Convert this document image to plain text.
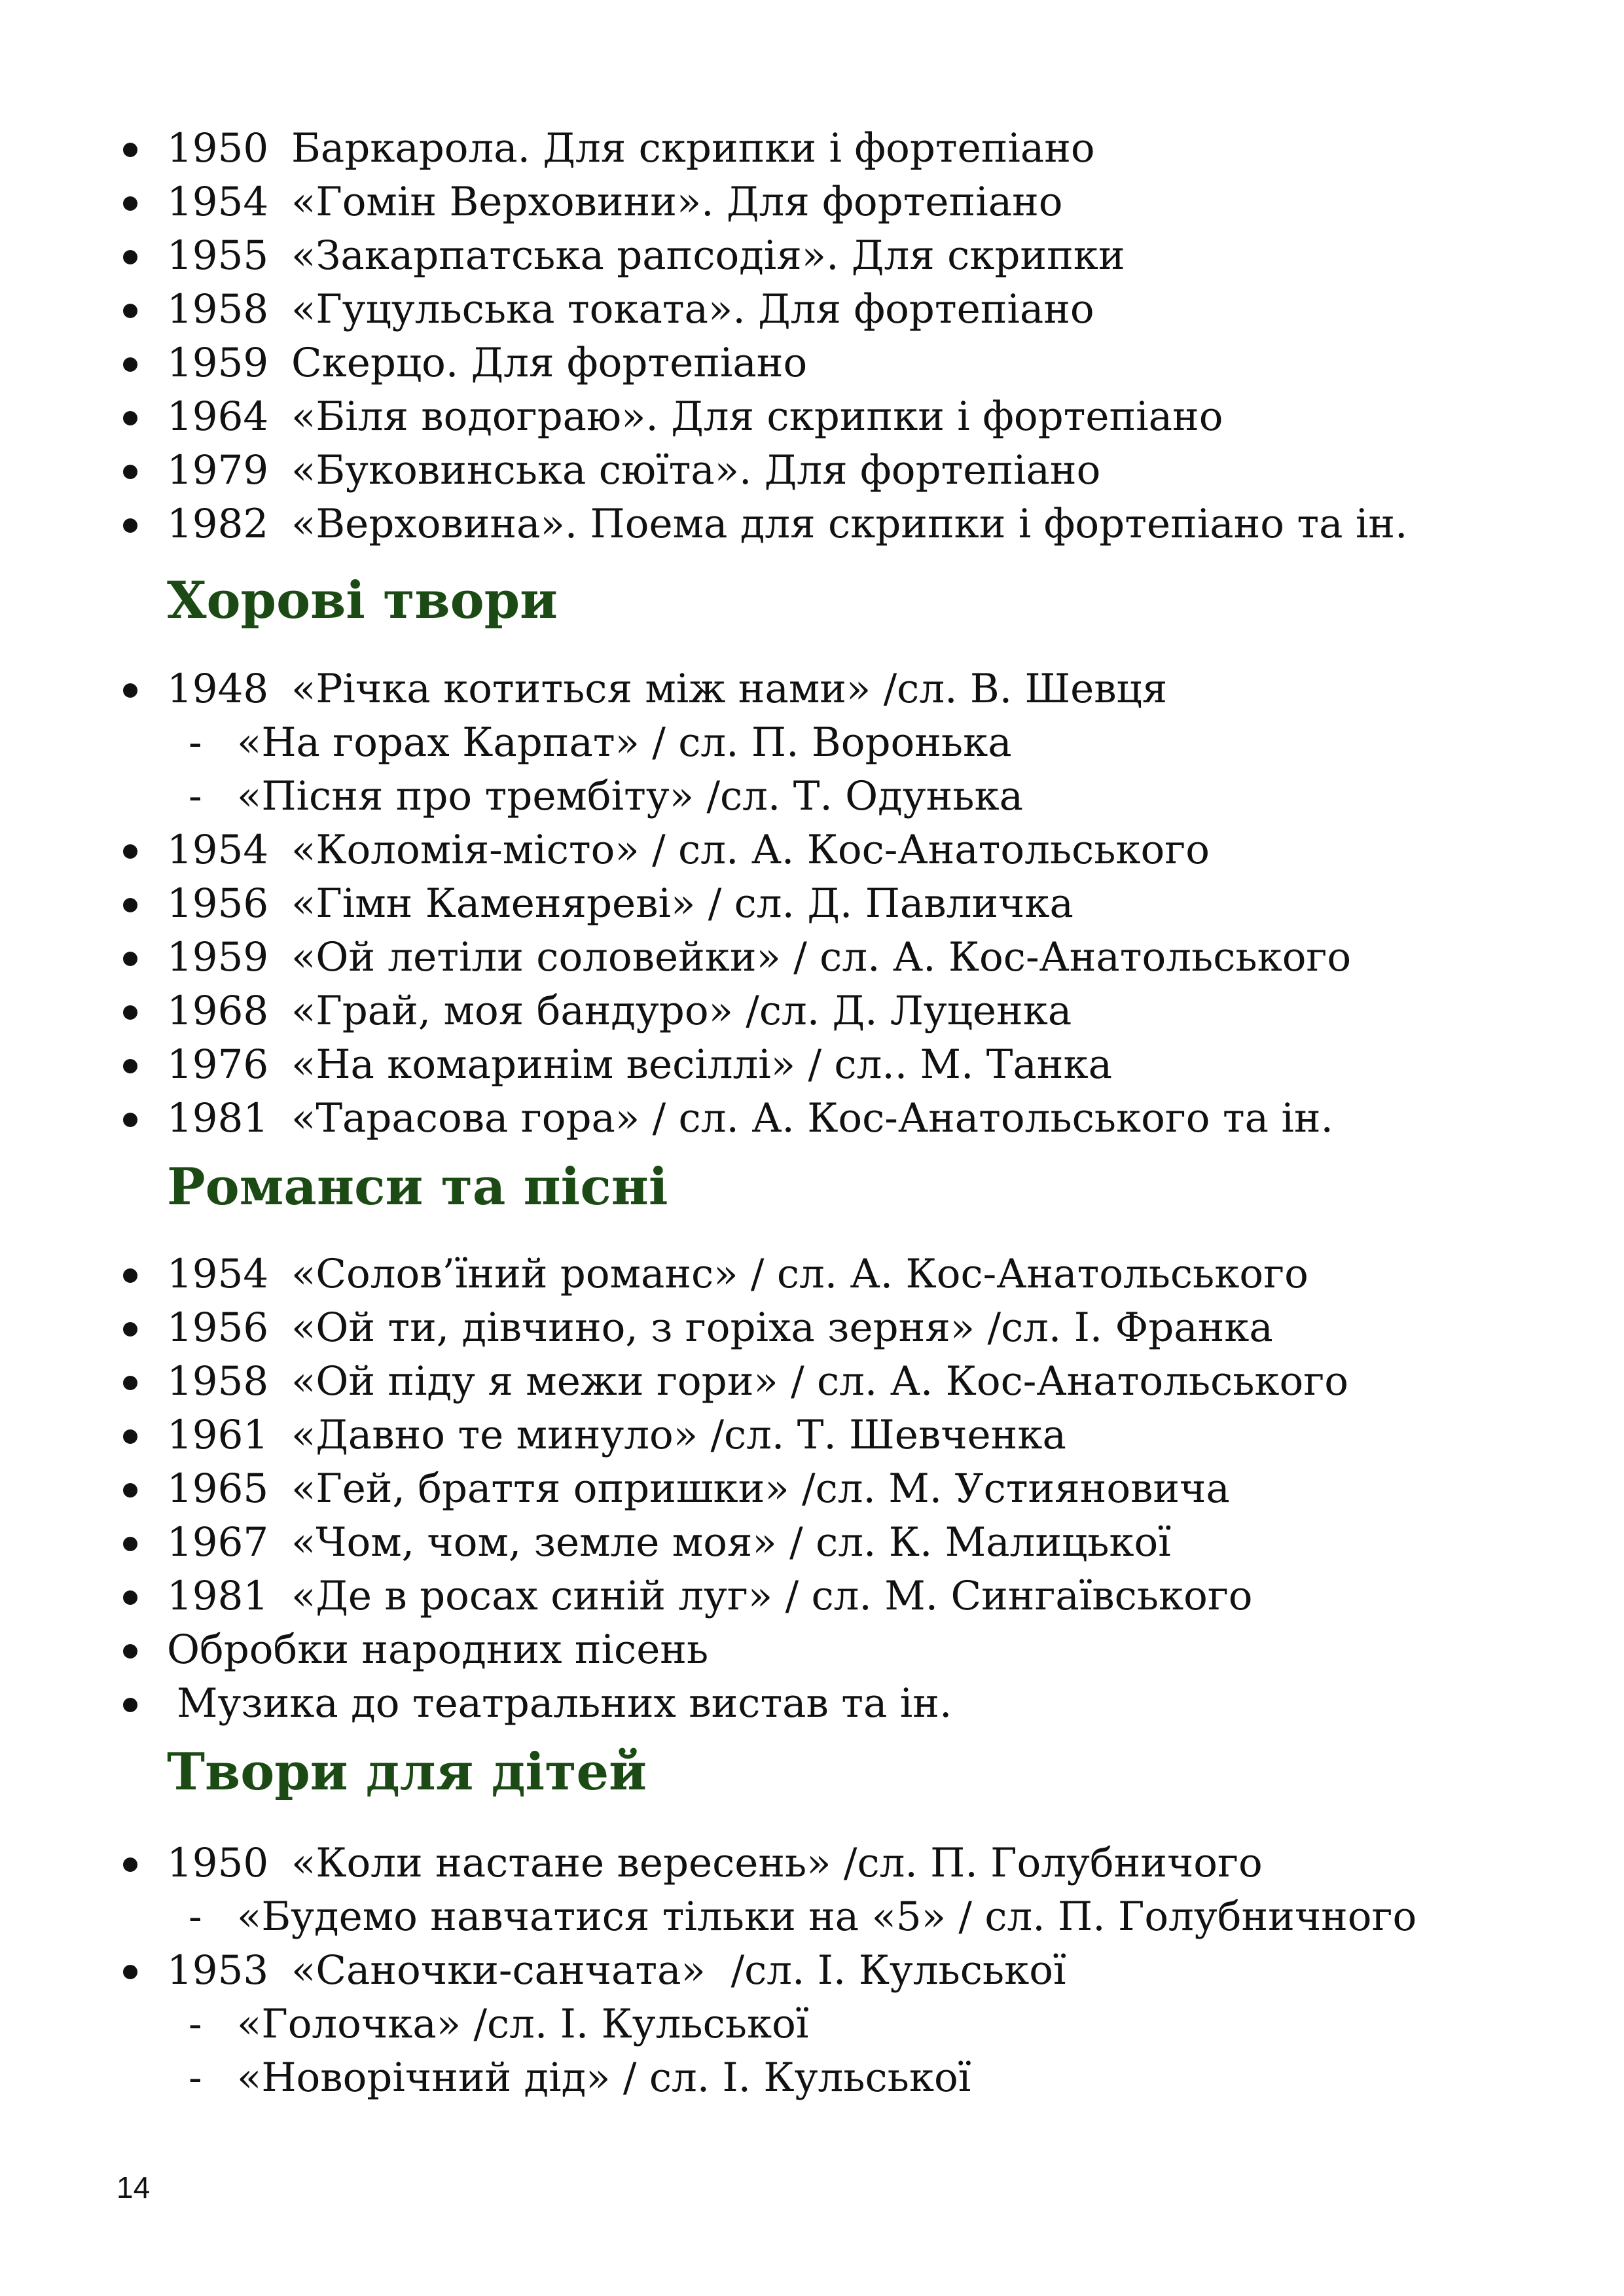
1950 Баркарола. Для скрипки і фортепіано
1954 «Гомін Верховини». Для фортепіано
1955 «Закарпатська рапсодія». Для скрипки
1958 «Гуцульська токата». Для фортепіано
1959 Скерцо. Для фортепіано
1964 «Біля водограю». Для скрипки і фортепіано
1979 «Буковинська сюїта». Для фортепіано
1982 «Верховина». Поема для скрипки і фортепіано та ін.
Хорові твори
1948 «Річка котиться між нами» /сл. В. Шевця
- «На горах Карпат» / сл. П. Воронька
- «Пісня про трембіту» /сл. Т. Одунька
1954 «Коломія-місто» / сл. А. Кос-Анатольського
1956 «Гімн Каменяреві» / сл. Д. Павличка
1959 «Ой летіли соловейки» / сл. А. Кос-Анатольського
1968 «Грай, моя бандуро» /сл. Д. Луценка
1976 «На комаринім весіллі» / сл.. М. Танка
1981 «Тарасова гора» / сл. А. Кос-Анатольського та ін.
Романси та пісні
1954 «Солов’їний романс» / сл. А. Кос-Анатольського
1956 «Ой ти, дівчино, з горіха зерня» /сл. І. Франка
1958 «Ой піду я межи гори» / сл. А. Кос-Анатольського
1961 «Давно те минуло» /сл. Т. Шевченка
1965 «Гей, браття опришки» /сл. М. Устияновича
1967 «Чом, чом, земле моя» / сл. К. Малицької
1981 «Де в росах синій луг» / сл. М. Сингаївського
Обробки народних пісень
Музика до театральних вистав та ін.
Твори для дітей
1950 «Коли настане вересень» /сл. П. Голубничого
- «Будемо навчатися тільки на «5» / сл. П. Голубничного
1953 «Саночки-санчата»  /сл. І. Кульської
- «Голочка» /сл. І. Кульської
- «Новорічний дід» / сл. І. Кульської
14
